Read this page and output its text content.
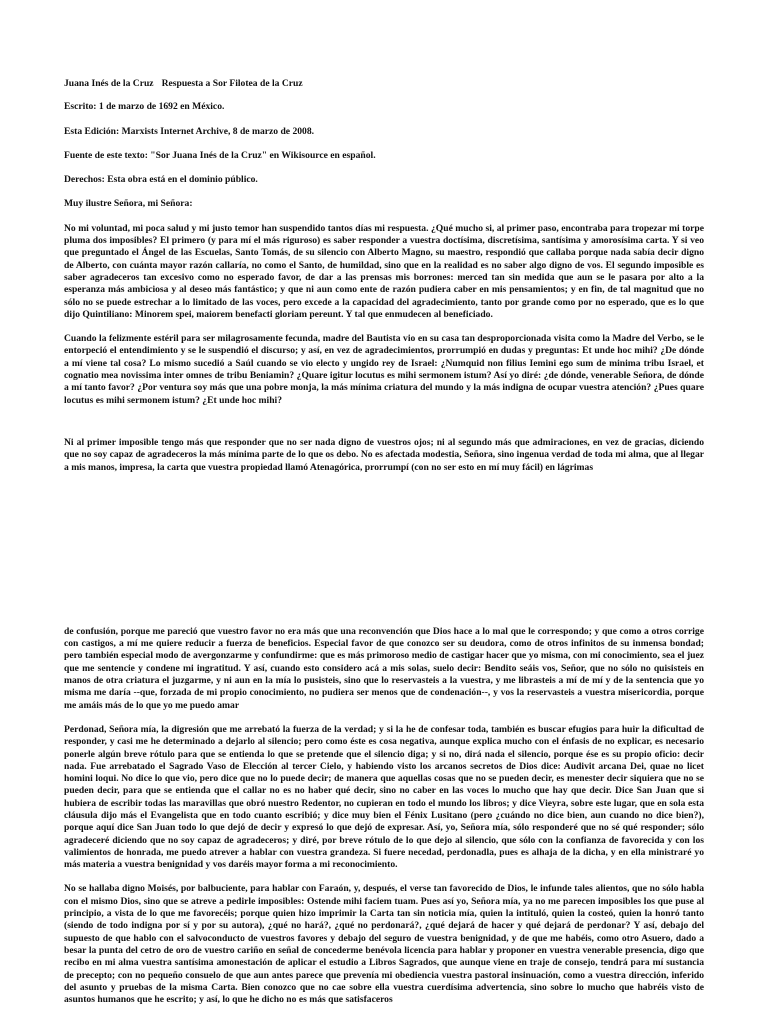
Juana Inés de la Cruz Respuesta a Sor Filotea de la Cruz
Escrito: 1 de marzo de 1692 en México.
Esta Edición: Marxists Internet Archive, 8 de marzo de 2008.
Fuente de este texto: "Sor Juana Inés de la Cruz" en Wikisource en español.
Derechos: Esta obra está en el dominio público.
Muy ilustre Señora, mi Señora:

No mi voluntad, mi poca salud y mi justo temor han suspendido tantos días mi respuesta. ¿Qué mucho si, al primer paso, encontraba para tropezar mi torpe pluma dos imposibles? El primero (y para mí el más riguroso) es saber responder a vuestra doctísima, discretísima, santísima y amorosísima carta. Y si veo que preguntado el Ángel de las Escuelas, Santo Tomás, de su silencio con Alberto Magno, su maestro, respondió que callaba porque nada sabía decir digno de Alberto, con cuánta mayor razón callaría, no como el Santo, de humildad, sino que en la realidad es no saber algo digno de vos. El segundo imposible es saber agradeceros tan excesivo como no esperado favor, de dar a las prensas mis borrones: merced tan sin medida que aun se le pasara por alto a la esperanza más ambiciosa y al deseo más fantástico; y que ni aun como ente de razón pudiera caber en mis pensamientos; y en fin, de tal magnitud que no sólo no se puede estrechar a lo limitado de las voces, pero excede a la capacidad del agradecimiento, tanto por grande como por no esperado, que es lo que dijo Quintiliano: Minorem spei, maiorem benefacti gloriam pereunt. Y tal que enmudecen al beneficiado.

Cuando la felizmente estéril para ser milagrosamente fecunda, madre del Bautista vio en su casa tan desproporcionada visita como la Madre del Verbo, se le entorpeció el entendimiento y se le suspendió el discurso; y así, en vez de agradecimientos, prorrumpió en dudas y preguntas: Et unde hoc mihi? ¿De dónde a mí viene tal cosa? Lo mismo sucedió a Saúl cuando se vio electo y ungido rey de Israel: ¿Numquid non filius Iemini ego sum de minima tribu Israel, et cognatio mea novissima inter omnes de tribu Beniamin? ¿Quare igitur locutus es mihi sermonem istum? Así yo diré: ¿de dónde, venerable Señora, de dónde a mí tanto favor? ¿Por ventura soy más que una pobre monja, la más mínima criatura del mundo y la más indigna de ocupar vuestra atención? ¿Pues quare locutus es mihi sermonem istum? ¿Et unde hoc mihi?

Ni al primer imposible tengo más que responder que no ser nada digno de vuestros ojos; ni al segundo más que admiraciones, en vez de gracias, diciendo que no soy capaz de agradeceros la más mínima parte de lo que os debo. No es afectada modestia, Señora, sino ingenua verdad de toda mi alma, que al llegar a mis manos, impresa, la carta que vuestra propiedad llamó Atenagórica, prorrumpí (con no ser esto en mí muy fácil) en lágrimas

de confusión, porque me pareció que vuestro favor no era más que una reconvención que Dios hace a lo mal que le correspondo; y que como a otros corrige con castigos, a mí me quiere reducir a fuerza de beneficios. Especial favor de que conozco ser su deudora, como de otros infinitos de su inmensa bondad; pero también especial modo de avergonzarme y confundirme: que es más primoroso medio de castigar hacer que yo misma, con mi conocimiento, sea el juez que me sentencie y condene mi ingratitud. Y así, cuando esto considero acá a mis solas, suelo decir: Bendito seáis vos, Señor, que no sólo no quisisteis en manos de otra criatura el juzgarme, y ni aun en la mía lo pusisteis, sino que lo reservasteis a la vuestra, y me librasteis a mí de mí y de la sentencia que yo misma me daría --que, forzada de mi propio conocimiento, no pudiera ser menos que de condenación--, y vos la reservasteis a vuestra misericordia, porque me amáis más de lo que yo me puedo amar

Perdonad, Señora mía, la digresión que me arrebató la fuerza de la verdad; y si la he de confesar toda, también es buscar efugios para huir la dificultad de responder, y casi me he determinado a dejarlo al silencio; pero como éste es cosa negativa, aunque explica mucho con el énfasis de no explicar, es necesario ponerle algún breve rótulo para que se entienda lo que se pretende que el silencio diga; y si no, dirá nada el silencio, porque ése es su propio oficio: decir nada. Fue arrebatado el Sagrado Vaso de Elección al tercer Cielo, y habiendo visto los arcanos secretos de Dios dice: Audivit arcana Dei, quae no licet homini loqui. No dice lo que vio, pero dice que no lo puede decir; de manera que aquellas cosas que no se pueden decir, es menester decir siquiera que no se pueden decir, para que se entienda que el callar no es no haber qué decir, sino no caber en las voces lo mucho que hay que decir. Dice San Juan que si hubiera de escribir todas las maravillas que obró nuestro Redentor, no cupieran en todo el mundo los libros; y dice Vieyra, sobre este lugar, que en sola esta cláusula dijo más el Evangelista que en todo cuanto escribió; y dice muy bien el Fénix Lusitano (pero ¿cuándo no dice bien, aun cuando no dice bien?), porque aquí dice San Juan todo lo que dejó de decir y expresó lo que dejó de expresar. Así, yo, Señora mía, sólo responderé que no sé qué responder; sólo agradeceré diciendo que no soy capaz de agradeceros; y diré, por breve rótulo de lo que dejo al silencio, que sólo con la confianza de favorecida y con los valimientos de honrada, me puedo atrever a hablar con vuestra grandeza. Si fuere necedad, perdonadla, pues es alhaja de la dicha, y en ella ministraré yo más materia a vuestra benignidad y vos daréis mayor forma a mi reconocimiento.

No se hallaba digno Moisés, por balbuciente, para hablar con Faraón, y, después, el verse tan favorecido de Dios, le infunde tales alientos, que no sólo habla con el mismo Dios, sino que se atreve a pedirle imposibles: Ostende mihi faciem tuam. Pues así yo, Señora mía, ya no me parecen imposibles los que puse al principio, a vista de lo que me favorecéis; porque quien hizo imprimir la Carta tan sin noticia mía, quien la intituló, quien la costeó, quien la honró tanto (siendo de todo indigna por sí y por su autora), ¿qué no hará?, ¿qué no perdonará?, ¿qué dejará de hacer y qué dejará de perdonar? Y así, debajo del supuesto de que hablo con el salvoconducto de vuestros favores y debajo del seguro de vuestra benignidad, y de que me habéis, como otro Asuero, dado a besar la punta del cetro de oro de vuestro cariño en señal de concederme benévola licencia para hablar y proponer en vuestra venerable presencia, digo que recibo en mi alma vuestra santísima amonestación de aplicar el estudio a Libros Sagrados, que aunque viene en traje de consejo, tendrá para mí sustancia de precepto; con no pequeño consuelo de que aun antes parece que prevenía mi obediencia vuestra pastoral insinuación, como a vuestra dirección, inferido del asunto y pruebas de la misma Carta. Bien conozco que no cae sobre ella vuestra cuerdísima advertencia, sino sobre lo mucho que habréis visto de asuntos humanos que he escrito; y así, lo que he dicho no es más que satisfaceros
